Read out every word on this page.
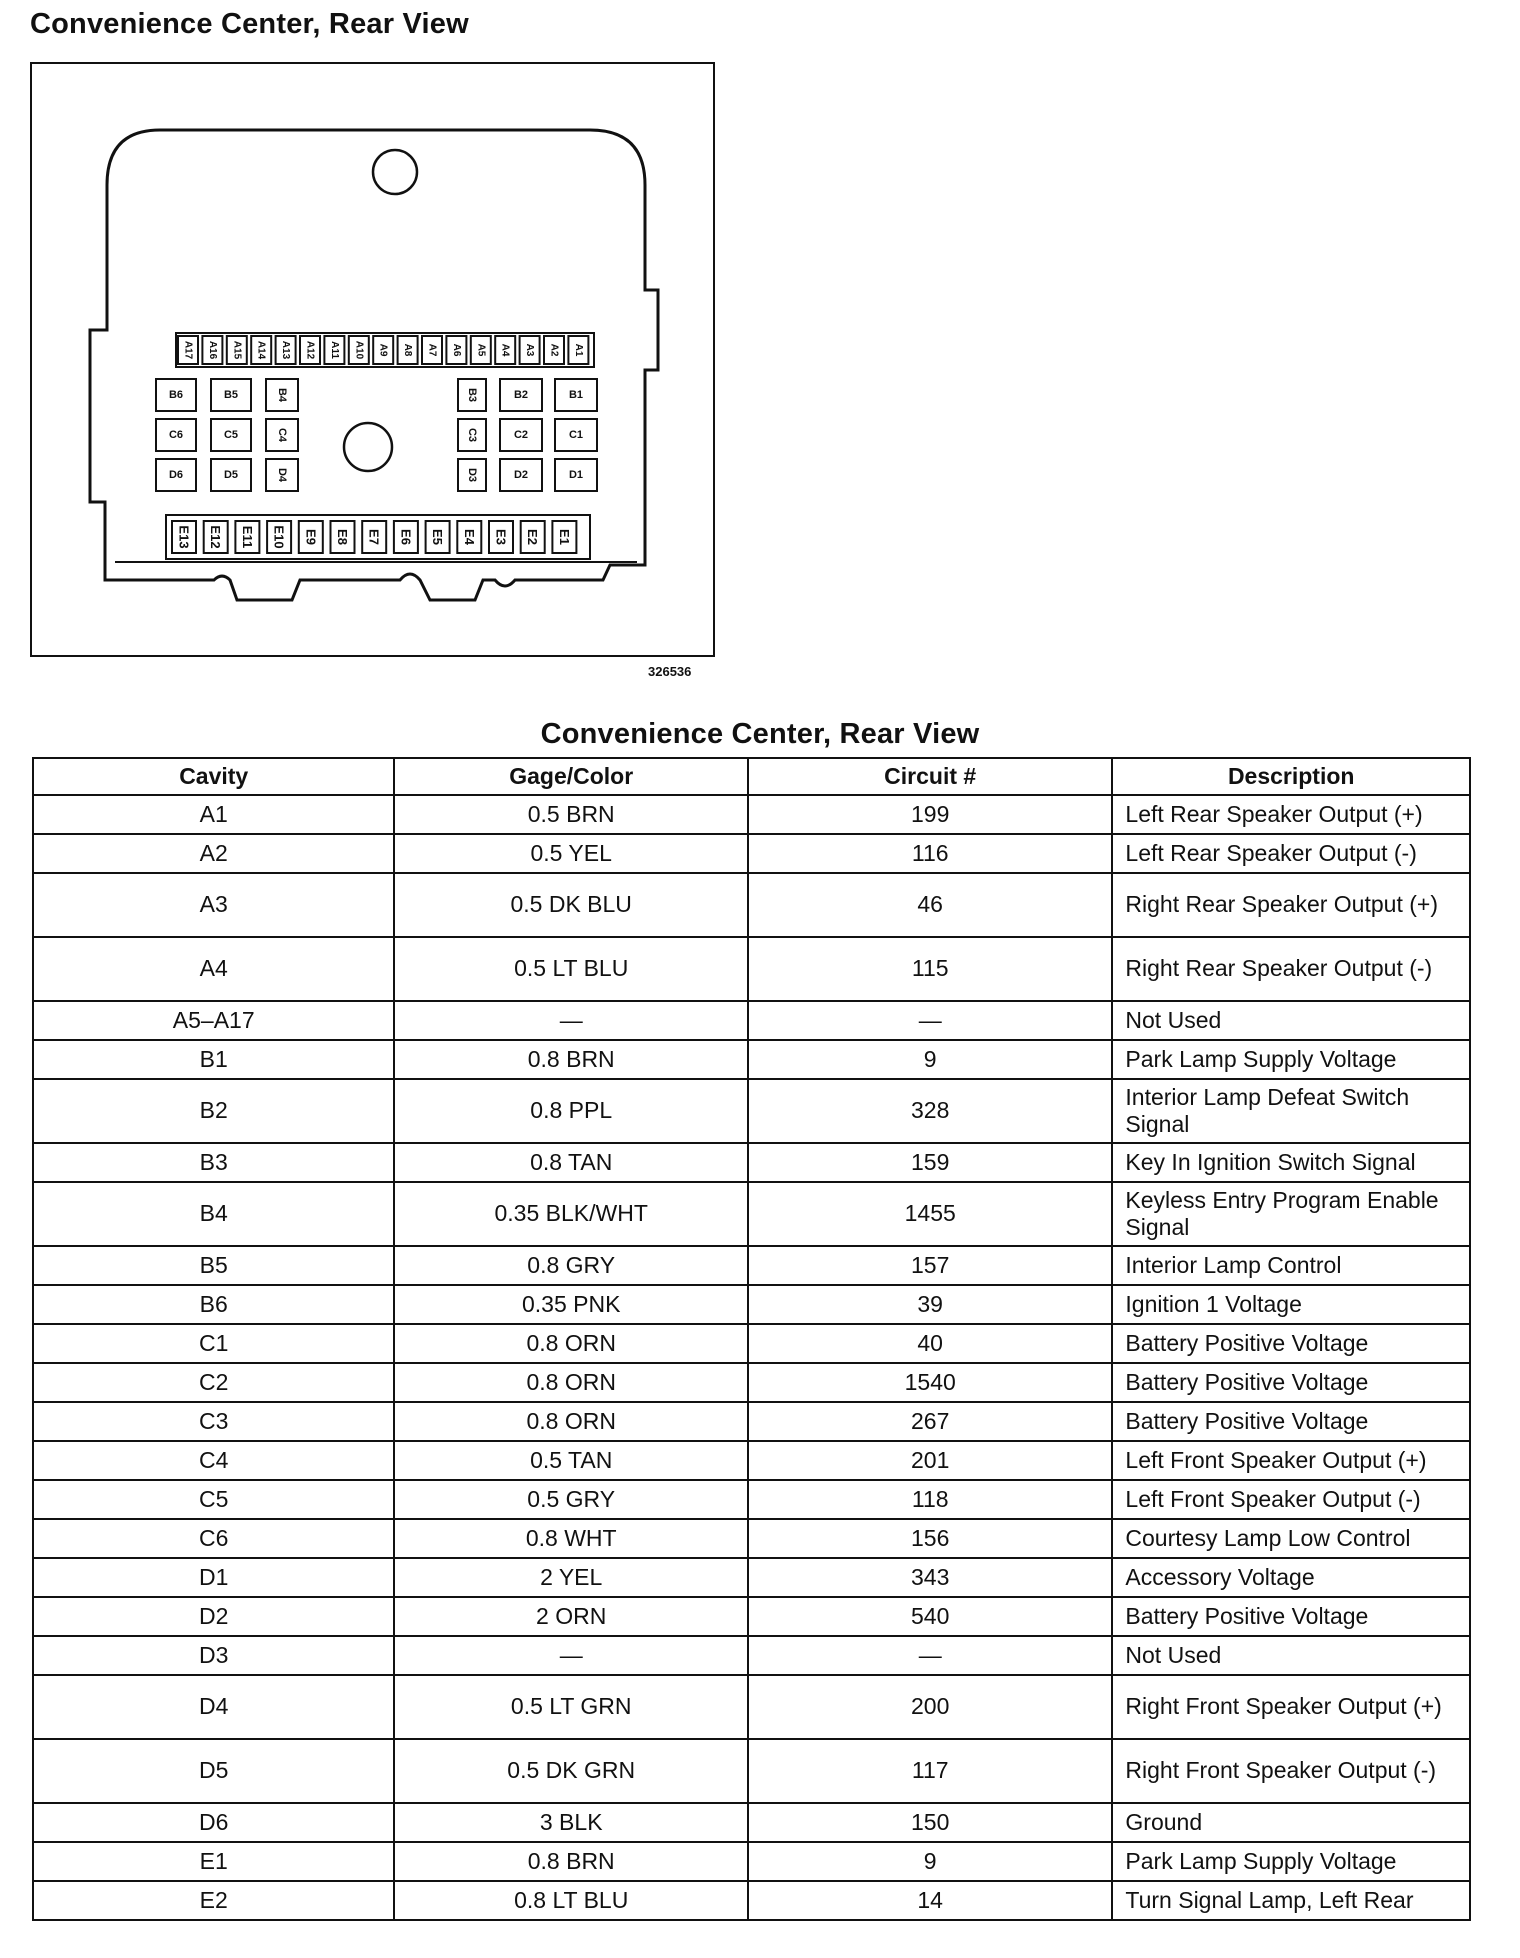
Convenience Center, Rear View
A17 A16 A15 A14 A13 A12 A11 A10 A9 A8 A7 A6 A5 A4 A3 A2 A1
B6	B5	B4
C6	C5	C4
D6	D5	D4
B3	B2	B1
C3	C2	C1
D3	D2	D1
E13 E12 E11 E10 E9 E8 E7 E6 E5 E4 E3 E2 E1
326536
Convenience Center, Rear View
Cavity	Gage/Color	Circuit #	Description
A1	0.5 BRN	199	Left Rear Speaker Output (+)
A2	0.5 YEL	116	Left Rear Speaker Output (-)
A3	0.5 DK BLU	46	Right Rear Speaker Output (+)
A4	0.5 LT BLU	115	Right Rear Speaker Output (-)
A5–A17	—	—	Not Used
B1	0.8 BRN	9	Park Lamp Supply Voltage
B2	0.8 PPL	328	Interior Lamp Defeat Switch Signal
B3	0.8 TAN	159	Key In Ignition Switch Signal
B4	0.35 BLK/WHT	1455	Keyless Entry Program Enable Signal
B5	0.8 GRY	157	Interior Lamp Control
B6	0.35 PNK	39	Ignition 1 Voltage
C1	0.8 ORN	40	Battery Positive Voltage
C2	0.8 ORN	1540	Battery Positive Voltage
C3	0.8 ORN	267	Battery Positive Voltage
C4	0.5 TAN	201	Left Front Speaker Output (+)
C5	0.5 GRY	118	Left Front Speaker Output (-)
C6	0.8 WHT	156	Courtesy Lamp Low Control
D1	2 YEL	343	Accessory Voltage
D2	2 ORN	540	Battery Positive Voltage
D3	—	—	Not Used
D4	0.5 LT GRN	200	Right Front Speaker Output (+)
D5	0.5 DK GRN	117	Right Front Speaker Output (-)
D6	3 BLK	150	Ground
E1	0.8 BRN	9	Park Lamp Supply Voltage
E2	0.8 LT BLU	14	Turn Signal Lamp, Left Rear
